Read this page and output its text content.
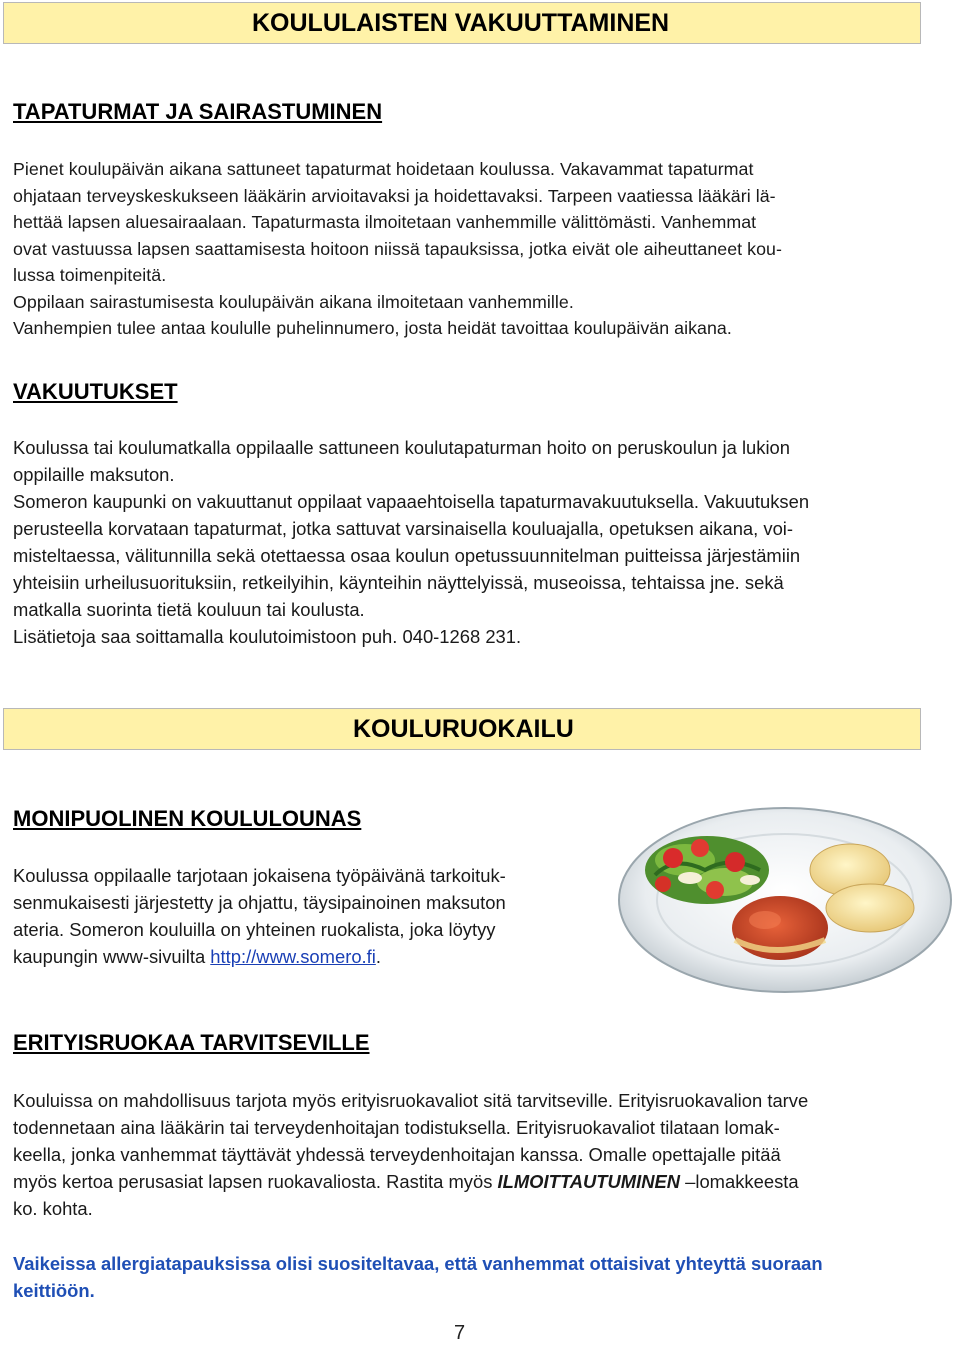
KOULULAISTEN VAKUUTTAMINEN
TAPATURMAT JA SAIRASTUMINEN
Pienet koulupäivän aikana sattuneet tapaturmat hoidetaan koulussa. Vakavammat tapaturmat
ohjataan terveyskeskukseen lääkärin arvioitavaksi ja hoidettavaksi. Tarpeen vaatiessa lääkäri lä-
hettää lapsen aluesairaalaan. Tapaturmasta ilmoitetaan vanhemmille välittömästi. Vanhemmat
ovat vastuussa lapsen saattamisesta hoitoon niissä tapauksissa, jotka eivät ole aiheuttaneet kou-
lussa toimenpiteitä.
Oppilaan sairastumisesta koulupäivän aikana ilmoitetaan vanhemmille.
Vanhempien tulee antaa koululle puhelinnumero, josta heidät tavoittaa koulupäivän aikana.
VAKUUTUKSET
Koulussa tai koulumatkalla oppilaalle sattuneen koulutapaturman hoito on peruskoulun ja lukion
oppilaille maksuton.
Someron kaupunki on vakuuttanut oppilaat vapaaehtoisella tapaturmavakuutuksella. Vakuutuksen
perusteella korvataan tapaturmat, jotka sattuvat varsinaisella kouluajalla, opetuksen aikana, voi-
misteltaessa, välitunnilla sekä otettaessa osaa koulun opetussuunnitelman puitteissa järjestämiin
yhteisiin urheilusuorituksiin, retkeilyihin, käynteihin näyttelyissä, museoissa, tehtaissa jne. sekä
matkalla suorinta tietä kouluun tai koulusta.
Lisätietoja saa soittamalla koulutoimistoon puh. 040-1268 231.
KOULURUOKAILU
MONIPUOLINEN KOULULOUNAS
Koulussa oppilaalle tarjotaan jokaisena työpäivänä tarkoituk-
senmukaisesti järjestetty ja ohjattu, täysipainoinen maksuton
ateria. Someron kouluilla on yhteinen ruokalista, joka löytyy
kaupungin www-sivuilta http://www.somero.fi.
ERITYISRUOKAA TARVITSEVILLE
Kouluissa on mahdollisuus tarjota myös erityisruokavaliot sitä tarvitseville. Erityisruokavalion tarve
todennetaan aina lääkärin tai terveydenhoitajan todistuksella. Erityisruokavaliot tilataan lomak-
keella, jonka vanhemmat täyttävät yhdessä terveydenhoitajan kanssa. Omalle opettajalle pitää
myös kertoa perusasiat lapsen ruokavaliosta. Rastita myös ILMOITTAUTUMINEN –lomakkeesta
ko. kohta.
Vaikeissa allergiatapauksissa olisi suositeltavaa, että vanhemmat ottaisivat yhteyttä suoraan
keittiöön.
7
